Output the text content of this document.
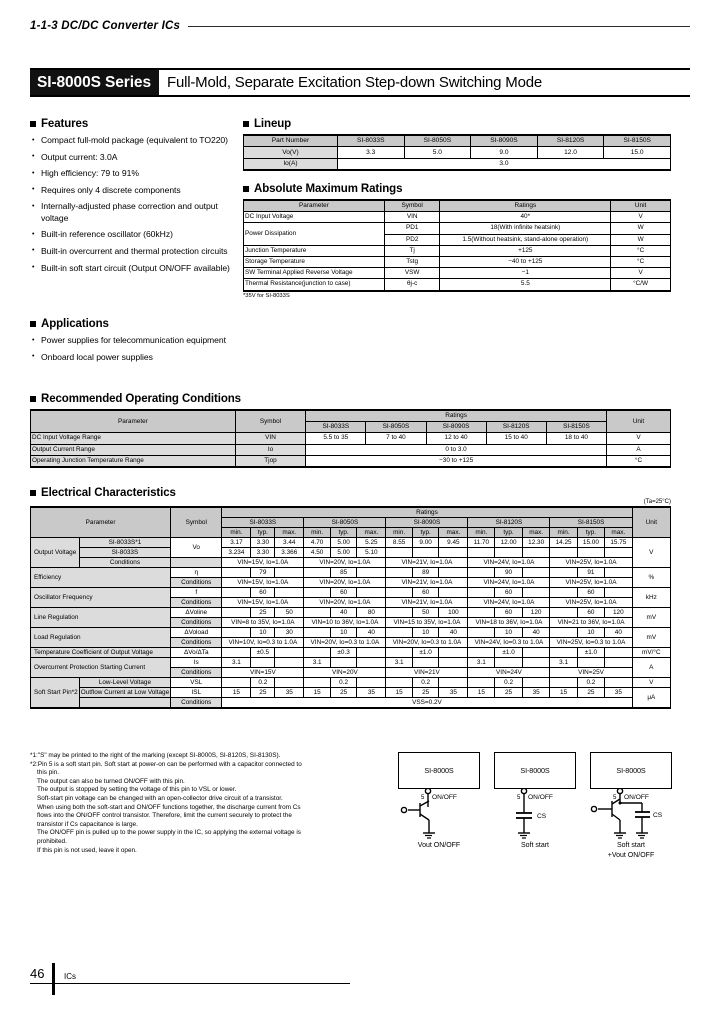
1-1-3 DC/DC Converter ICs
SI-8000S Series	Full-Mold, Separate Excitation Step-down Switching Mode
Features
• Compact full-mold package (equivalent to TO220)
• Output current: 3.0A
• High efficiency: 79 to 91%
• Requires only 4 discrete components
• Internally-adjusted phase correction and output voltage
• Built-in reference oscillator (60kHz)
• Built-in overcurrent and thermal protection circuits
• Built-in soft start circuit (Output ON/OFF available)
Lineup
Part Number	SI-8033S	SI-8050S	SI-8090S	SI-8120S	SI-8150S
Vo(V)	3.3	5.0	9.0	12.0	15.0
Io(A)	3.0				
Absolute Maximum Ratings
Parameter	Symbol	Ratings	Unit
DC Input Voltage	VIN	40*	V
Power Dissipation	PD1	18(With infinite heatsink)	W
	PD2	1.5(Without heatsink, stand-alone operation)	W
Junction Temperature	Tj	+125	°C
Storage Temperature	Tstg	−40 to +125	°C
SW Terminal Applied Reverse Voltage	VSW	−1	V
Thermal Resistance(junction to case)	θj-c	5.5	°C/W
*35V for SI-8033S
Applications
• Power supplies for telecommunication equipment
• Onboard local power supplies
Recommended Operating Conditions
Parameter	Symbol	Ratings					Unit
		SI-8033S	SI-8050S	SI-8090S	SI-8120S	SI-8150S	
DC Input Voltage Range	VIN	5.5 to 35	7 to 40	12 to 40	15 to 40	18 to 40	V
Output Current Range	Io	0 to 3.0					A
Operating Junction Temperature Range	Tjop	−30 to +125					°C
Electrical Characteristics
(Ta=25°C)
Parameter		Symbol	Ratings															Unit
			SI-8033S			SI-8050S			SI-8090S			SI-8120S			SI-8150S			
			min.	typ.	max.	min.	typ.	max.	min.	typ.	max.	min.	typ.	max.	min.	typ.	max.	
Output Voltage	SI-8033S*1	Vo	3.17	3.30	3.44	4.70	5.00	5.25	8.55	9.00	9.45	11.70	12.00	12.30	14.25	15.00	15.75	V
	SI-8033S		3.234	3.30	3.366	4.50	5.00	5.10										
	Conditions		VIN=15V, Io=1.0A			VIN=20V, Io=1.0A			VIN=21V, Io=1.0A			VIN=24V, Io=1.0A			VIN=25V, Io=1.0A			
Efficiency		η		79			85			89			90			91		%
		Conditions	VIN=15V, Io=1.0A			VIN=20V, Io=1.0A			VIN=21V, Io=1.0A			VIN=24V, Io=1.0A			VIN=25V, Io=1.0A			
Oscillator Frequency		f		60			60			60			60			60		kHz
		Conditions	VIN=15V, Io=1.0A			VIN=20V, Io=1.0A			VIN=21V, Io=1.0A			VIN=24V, Io=1.0A			VIN=25V, Io=1.0A			
Line Regulation		ΔVoline		25	50		40	80		50	100		60	120		60	120	mV
		Conditions	VIN=8 to 35V, Io=1.0A			VIN=10 to 36V, Io=1.0A			VIN=15 to 35V, Io=1.0A			VIN=18 to 36V, Io=1.0A			VIN=21 to 36V, Io=1.0A			
Load Regulation		ΔVoload		10	30		10	40		10	40		10	40		10	40	mV
		Conditions	VIN=10V, Io=0.3 to 1.0A			VIN=20V, Io=0.3 to 1.0A			VIN=20V, Io=0.3 to 1.0A			VIN=24V, Io=0.3 to 1.0A			VIN=25V, Io=0.3 to 1.0A			
Temperature Coefficient of Output Voltage		ΔVo/ΔTa		±0.5			±0.3			±1.0			±1.0			±1.0		mV/°C
Overcurrent Protection Starting Current		Is	3.1			3.1			3.1			3.1			3.1			A
		Conditions	VIN=15V			VIN=20V			VIN=21V			VIN=24V			VIN=25V			
Soft Start Pin*2	Low-Level Voltage	VSL		0.2			0.2			0.2			0.2			0.2		V
	Outflow Current at Low Voltage	ISL	15	25	35	15	25	35	15	25	35	15	25	35	15	25	35	μA
		Conditions	VSS=0.2V															
*1:"S" may be printed to the right of the marking (except SI-8000S, SI-8120S, SI-8130S).
*2:Pin 5 is a soft start pin. Soft start at power-on can be performed with a capacitor connected to
this pin.
The output can also be turned ON/OFF with this pin.
The output is stopped by setting the voltage of this pin to VSL or lower.
Soft-start pin voltage can be changed with an open-collector drive circuit of a transistor.
When using both the soft-start and ON/OFF functions together, the discharge current from Cs
flows into the ON/OFF control transistor. Therefore, limit the current securely to protect the
transistor if Cs capacitance is large.
The ON/OFF pin is pulled up to the power supply in the IC, so applying the external voltage is
prohibited.
If this pin is not used, leave it open.
SI-8000S
5 ON/OFF
Vout ON/OFF
SI-8000S
5 ON/OFF
CS
Soft start
SI-8000S
5 ON/OFF
CS
Soft start
+Vout ON/OFF
46 ICs
